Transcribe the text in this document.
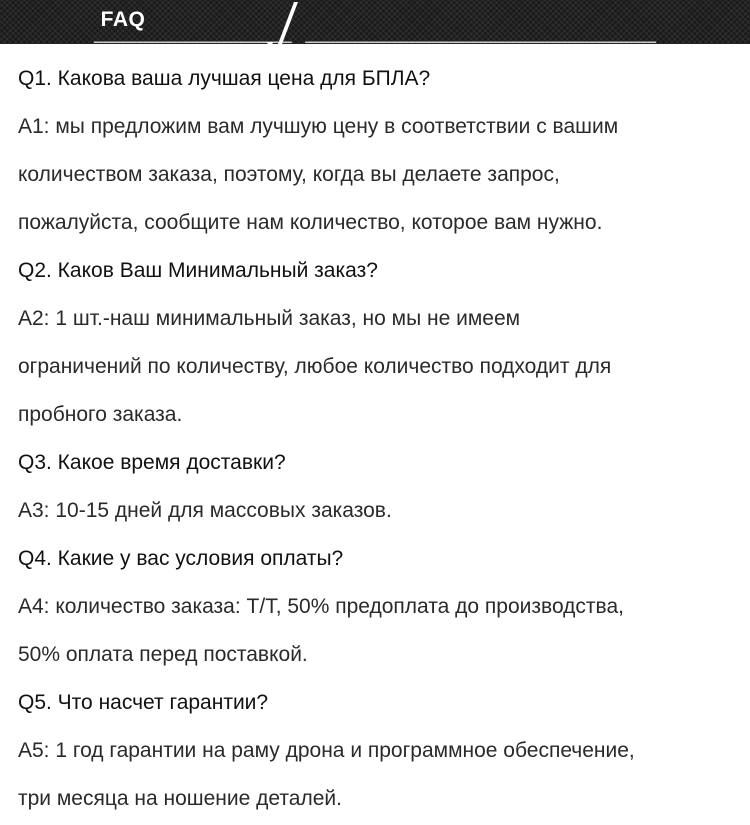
FAQ
Q1. Какова ваша лучшая цена для БПЛА?
A1: мы предложим вам лучшую цену в соответствии с вашим
количеством заказа, поэтому, когда вы делаете запрос,
пожалуйста, сообщите нам количество, которое вам нужно.
Q2. Каков Ваш Минимальный заказ?
A2: 1 шт.-наш минимальный заказ, но мы не имеем
ограничений по количеству, любое количество подходит для
пробного заказа.
Q3. Какое время доставки?
A3: 10-15 дней для массовых заказов.
Q4. Какие у вас условия оплаты?
A4: количество заказа: T/T, 50% предоплата до производства,
50% оплата перед поставкой.
Q5. Что насчет гарантии?
A5: 1 год гарантии на раму дрона и программное обеспечение,
три месяца на ношение деталей.
